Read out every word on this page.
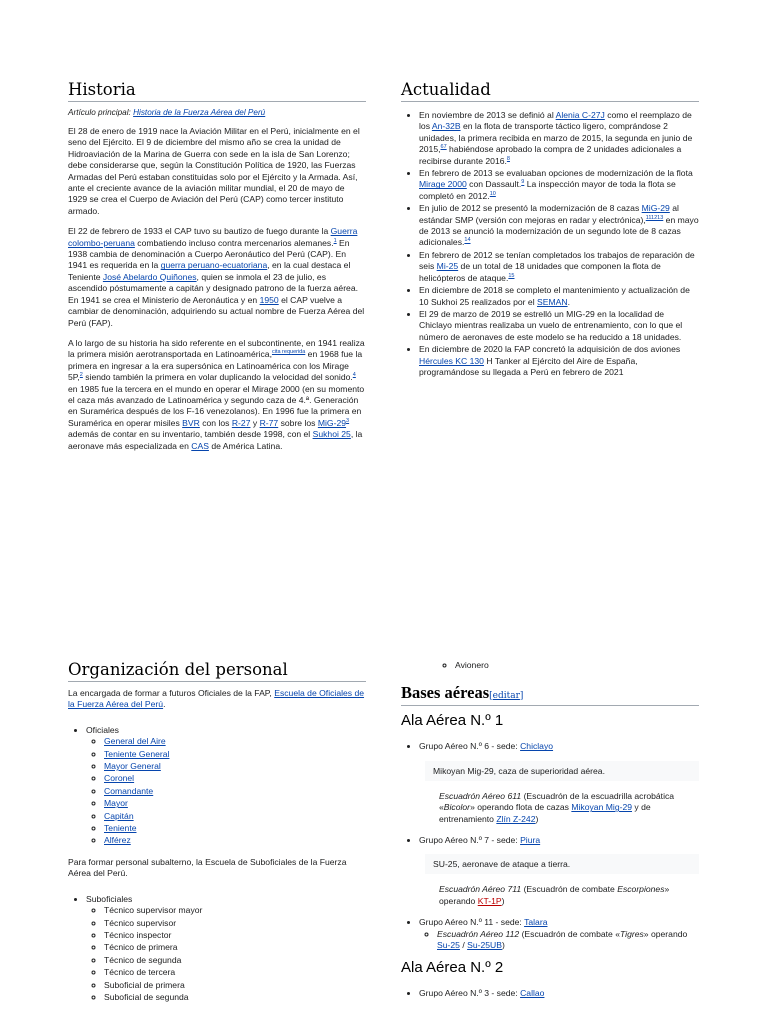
Historia
Artículo principal: Historia de la Fuerza Aérea del Perú

El 28 de enero de 1919 nace la Aviación Militar en el Perú, inicialmente en el seno del Ejército. El 9 de diciembre del mismo año se crea la unidad de Hidroaviación de la Marina de Guerra con sede en la isla de San Lorenzo; debe considerarse que, según la Constitución Política de 1920, las Fuerzas Armadas del Perú estaban constituidas solo por el Ejército y la Armada. Así, ante el creciente avance de la aviación militar mundial, el 20 de mayo de 1929 se crea el Cuerpo de Aviación del Perú (CAP) como tercer instituto armado.

El 22 de febrero de 1933 el CAP tuvo su bautizo de fuego durante la Guerra colombo-peruana combatiendo incluso contra mercenarios alemanes.$^1$ En 1938 cambia de denominación a Cuerpo Aeronáutico del Perú (CAP). En 1941 es requerida en la guerra peruano-ecuatoriana, en la cual destaca el Teniente José Abelardo Quiñones, quien se inmola el 23 de julio, es ascendido póstumamente a capitán y designado patrono de la fuerza aérea. En 1941 se crea el Ministerio de Aeronáutica y en 1950 el CAP vuelve a cambiar de denominación, adquiriendo su actual nombre de Fuerza Aérea del Perú (FAP).

A lo largo de su historia ha sido referente en el subcontinente, en 1941 realiza la primera misión aerotransportada en Latinoamérica,$^{cita requerida}$ en 1968 fue la primera en ingresar a la era supersónica en Latinoamérica con los Mirage 5P,$^2$ siendo también la primera en volar duplicando la velocidad del sonido.$^4$ en 1985 fue la tercera en el mundo en operar el Mirage 2000 (en su momento el caza más avanzado de Latinoamérica y segundo caza de 4.ª. Generación en Suramérica después de los F-16 venezolanos). En 1996 fue la primera en Suramérica en operar misiles BVR con los R-27 y R-77 sobre los MiG-$29^3$ además de contar en su inventario, también desde 1998, con el Sukhoi 25, la aeronave más especializada en CAS de América Latina.

Actualidad
• En noviembre de 2013 se definió al Alenia C-27J como el reemplazo de los An-32B en la flota de transporte táctico ligero, comprándose 2 unidades, la primera recibida en marzo de 2015, la segunda en junio de 2015,67 habiéndose aprobado la compra de 2 unidades adicionales a recibirse durante 2016.$^8$
• En febrero de 2013 se evaluaban opciones de modernización de la flota Mirage 2000 con Dassault.$^9$ La inspección mayor de toda la flota se completó en 2012.10
• En julio de 2012 se presentó la modernización de 8 cazas MiG-29 al estándar SMP (versión con mejoras en radar y electrónica),$^{111213}$ en mayo de 2013 se anunció la modernización de un segundo lote de 8 cazas adicionales.$^{14}$
• En febrero de 2012 se tenían completados los trabajos de reparación de seis Mi-25 de un total de 18 unidades que componen la flota de helicópteros de ataque.$^{15}$
• En diciembre de 2018 se completo el mantenimiento y actualización de 10 Sukhoi 25 realizados por el SEMAN.
• El 29 de marzo de 2019 se estrelló un MIG-29 en la localidad de Chiclayo mientras realizaba un vuelo de entrenamiento, con lo que el número de aeronaves de este modelo se ha reducido a 18 unidades.
• En diciembre de 2020 la FAP concretó la adquisición de dos aviones Hércules KC 130 H Tanker al Ejército del Aire de España, programándose su llegada a Perú en febrero de 2021
Organización del personal

La encargada de formar a futuros Oficiales de la FAP, Escuela de Oficiales de la Fuerza Aérea del Perú.

• Oficiales
◦ General del Aire
◦ Teniente General
◦ Mayor General
◦ Coronel
◦ Comandante
◦ Mayor
◦ Capitán
◦ Teniente
◦ Alférez

Para formar personal subalterno, la Escuela de Suboficiales de la Fuerza Aérea del Perú.

• Suboficiales
◦ Técnico supervisor mayor
◦ Técnico supervisor
◦ Técnico inspector
◦ Técnico de primera
◦ Técnico de segunda
◦ Técnico de tercera
◦ Suboficial de primera
◦ Suboficial de segunda
◦ Avionero
Bases aéreas[editar]
Ala Aérea N.º 1
• Grupo Aéreo N.º 6 - sede: Chiclayo
Mikoyan Mig-29, caza de superioridad aérea.
Escuadrón Aéreo 611 (Escuadrón de la escuadrilla acrobática «Bicolor» operando flota de cazas Mikoyan Mig-29 y de entrenamiento Zlín Z-242)
• Grupo Aéreo N.º 7 - sede: Piura
SU-25, aeronave de ataque a tierra.
Escuadrón Aéreo 711 (Escuadrón de combate Escorpiones» operando KT-1P)
• Grupo Aéreo N.º 11 - sede: Talara
◦ Escuadrón Aéreo 112 (Escuadrón de combate «Tigres» operando Su-25 / Su-25UB)
Ala Aérea N.º 2
• Grupo Aéreo N.º 3 - sede: Callao
